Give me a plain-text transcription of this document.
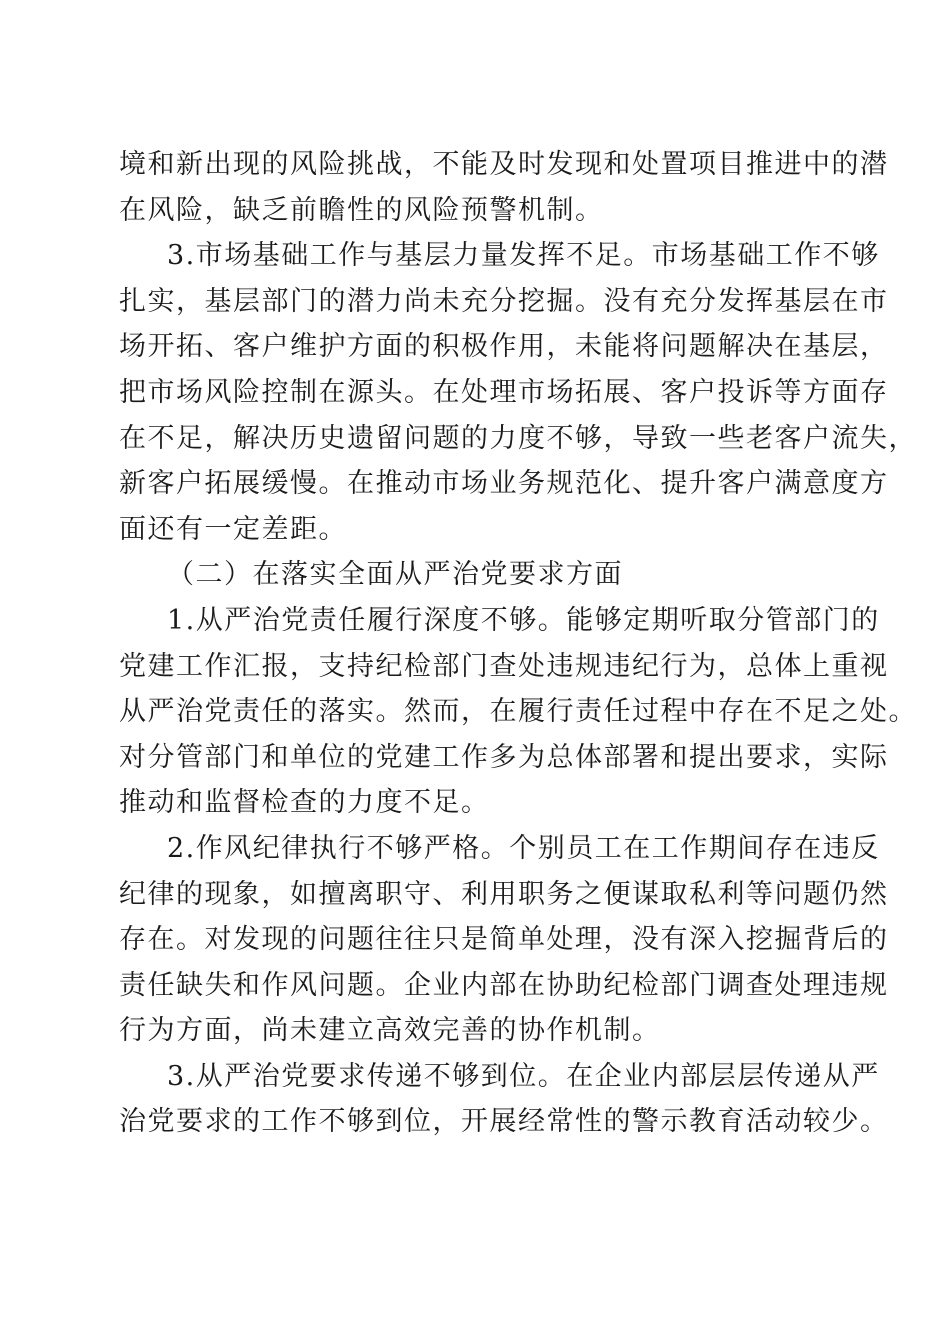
境和新出现的风险挑战，不能及时发现和处置项目推进中的潜
在风险，缺乏前瞻性的风险预警机制。
3.市场基础工作与基层力量发挥不足。市场基础工作不够
扎实，基层部门的潜力尚未充分挖掘。没有充分发挥基层在市
场开拓、客户维护方面的积极作用，未能将问题解决在基层，
把市场风险控制在源头。在处理市场拓展、客户投诉等方面存
在不足，解决历史遗留问题的力度不够，导致一些老客户流失，
新客户拓展缓慢。在推动市场业务规范化、提升客户满意度方
面还有一定差距。
（二）在落实全面从严治党要求方面
1.从严治党责任履行深度不够。能够定期听取分管部门的
党建工作汇报，支持纪检部门查处违规违纪行为，总体上重视
从严治党责任的落实。然而，在履行责任过程中存在不足之处。
对分管部门和单位的党建工作多为总体部署和提出要求，实际
推动和监督检查的力度不足。
2.作风纪律执行不够严格。个别员工在工作期间存在违反
纪律的现象，如擅离职守、利用职务之便谋取私利等问题仍然
存在。对发现的问题往往只是简单处理，没有深入挖掘背后的
责任缺失和作风问题。企业内部在协助纪检部门调查处理违规
行为方面，尚未建立高效完善的协作机制。
3.从严治党要求传递不够到位。在企业内部层层传递从严
治党要求的工作不够到位，开展经常性的警示教育活动较少。
